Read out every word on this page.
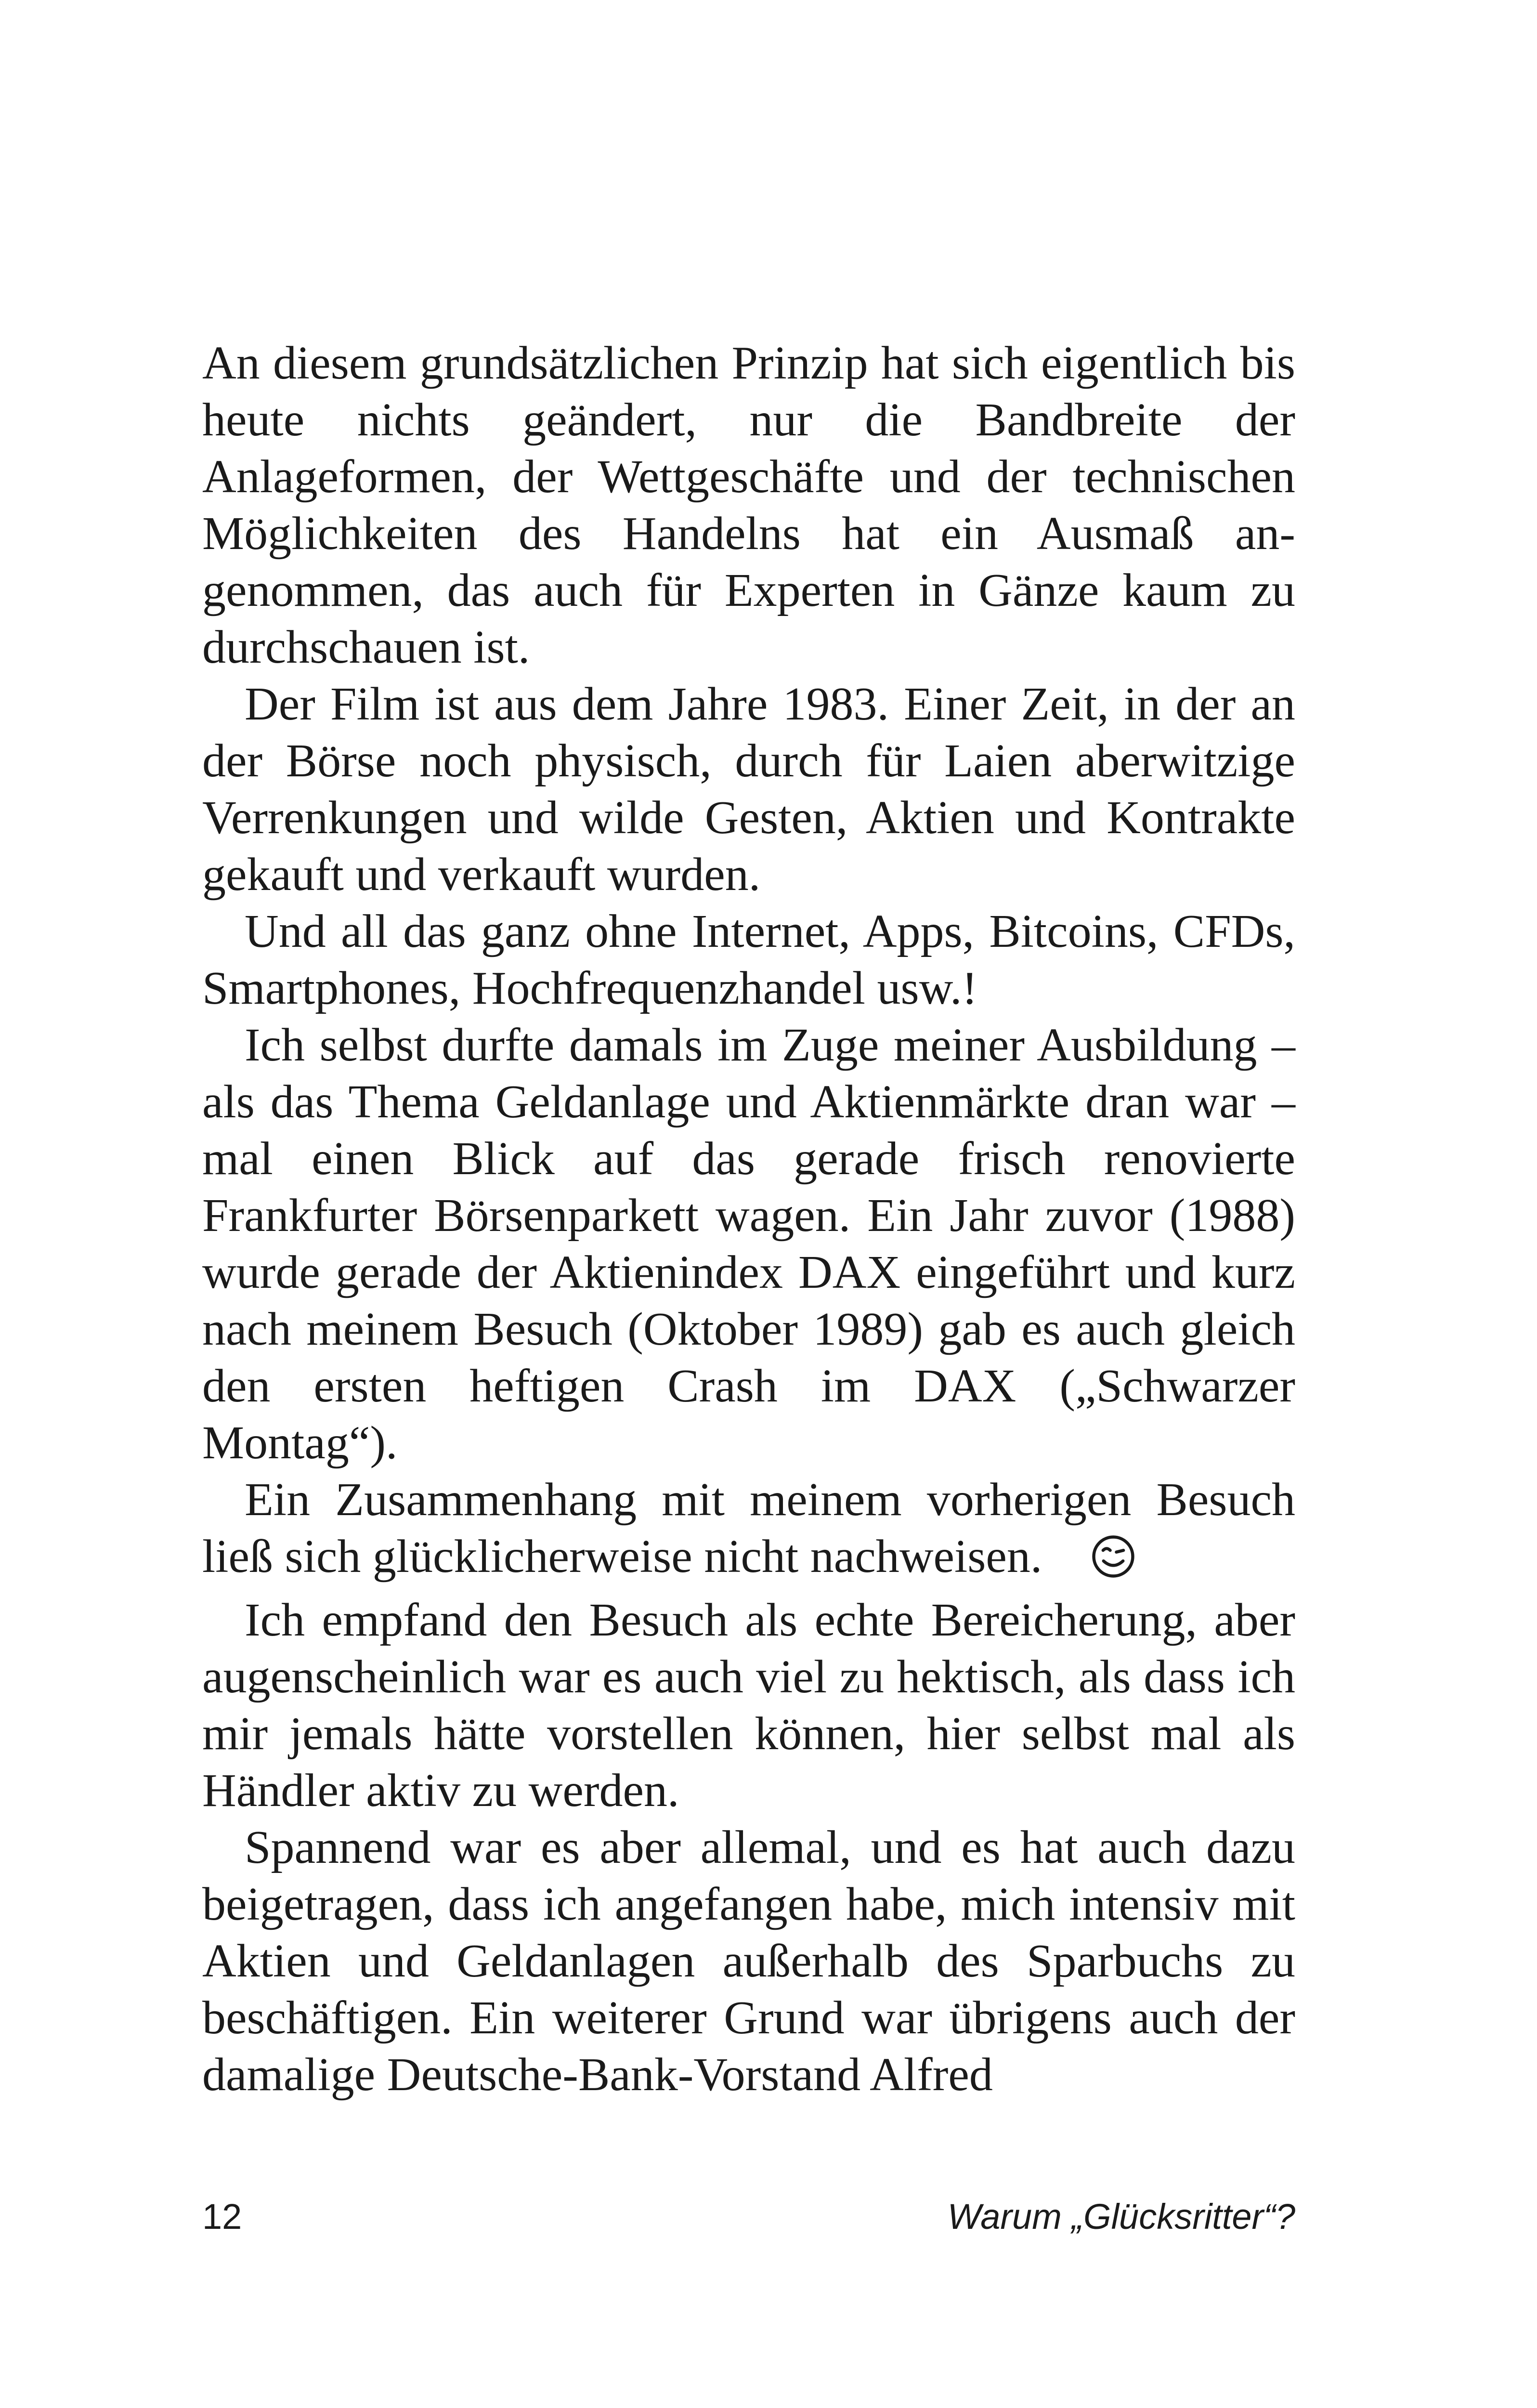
An diesem grundsätzlichen Prinzip hat sich eigentlich bis heute nichts geändert, nur die Bandbreite der Anlageformen, der Wettgeschäfte und der technischen Möglichkeiten des Handelns hat ein Ausmaß angenommen, das auch für Experten in Gänze kaum zu durchschauen ist.

Der Film ist aus dem Jahre 1983. Einer Zeit, in der an der Börse noch physisch, durch für Laien aberwitzige Verrenkungen und wilde Gesten, Aktien und Kontrakte gekauft und verkauft wurden.

Und all das ganz ohne Internet, Apps, Bitcoins, CFDs, Smartphones, Hochfrequenzhandel usw.!

Ich selbst durfte damals im Zuge meiner Ausbildung – als das Thema Geldanlage und Aktienmärkte dran war – mal einen Blick auf das gerade frisch renovierte Frankfurter Börsenparkett wagen. Ein Jahr zuvor (1988) wurde gerade der Aktienindex DAX eingeführt und kurz nach meinem Besuch (Oktober 1989) gab es auch gleich den ersten heftigen Crash im DAX („Schwarzer Montag“).

Ein Zusammenhang mit meinem vorherigen Besuch ließ sich glücklicherweise nicht nachweisen.

Ich empfand den Besuch als echte Bereicherung, aber augenscheinlich war es auch viel zu hektisch, als dass ich mir jemals hätte vorstellen können, hier selbst mal als Händler aktiv zu werden.

Spannend war es aber allemal, und es hat auch dazu beigetragen, dass ich angefangen habe, mich intensiv mit Aktien und Geldanlagen außerhalb des Sparbuchs zu beschäftigen. Ein weiterer Grund war übrigens auch der damalige Deutsche-Bank-Vorstand Alfred

12	Warum „Glücksritter“?
